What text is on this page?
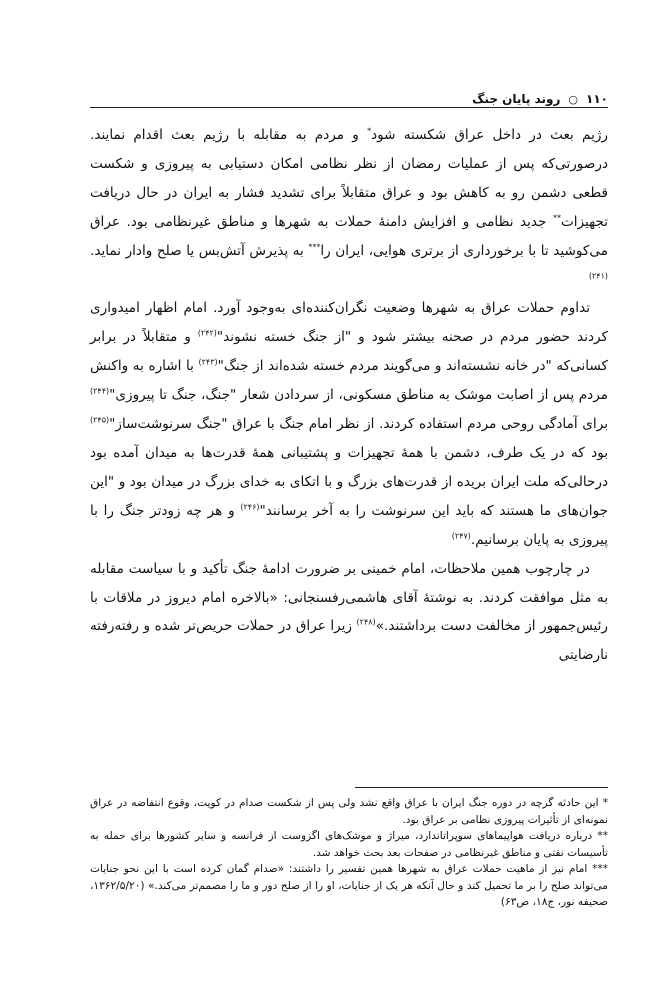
۱۱۰
○
روند پایان جنگ

رژیم بعث در داخل عراق شکسته شود* و مردم به مقابله با رژیم بعث اقدام نمایند. درصورتی‌که پس از عملیات رمضان از نظر نظامی امکان دستیابی به پیروزی و شکست قطعی دشمن رو به کاهش بود و عراق متقابلاً برای تشدید فشار به ایران در حال دریافت تجهیزات** جدید نظامی و افزایش دامنهٔ حملات به شهرها و مناطق غیرنظامی بود. عراق می‌کوشید تا با برخورداری از برتری هوایی، ایران را*** به پذیرش آتش‌بس یا صلح وادار نماید.$^{(۲۴۱)}$

تداوم حملات عراق به شهرها وضعیت نگران‌کننده‌ای به‌وجود آورد. امام اظهار امیدواری کردند حضور مردم در صحنه بیشتر شود و "از جنگ خسته نشوند"$^{(۲۴۲)}$ و متقابلاً در برابر کسانی‌که "در خانه نشسته‌اند و می‌گویند مردم خسته شده‌اند از جنگ"$^{(۲۴۳)}$ با اشاره به واکنش مردم پس از اصابت موشک به مناطق مسکونی، از سردادن شعار "جنگ، جنگ تا پیروزی"$^{(۲۴۴)}$ برای آمادگی روحی مردم استفاده کردند. از نظر امام جنگ با عراق "جنگ سرنوشت‌ساز"$^{(۲۴۵)}$ بود که در یک طرف، دشمن با همهٔ تجهیزات و پشتیبانی همهٔ قدرت‌ها به میدان آمده بود درحالی‌که ملت ایران بریده از قدرت‌های بزرگ و با اتکای به خدای بزرگ در میدان بود و "این جوان‌های ما هستند که باید این سرنوشت را به آخر برسانند"$^{(۲۴۶)}$ و هر چه زودتر جنگ را با پیروزی به پایان برسانیم.$^{(۲۴۷)}$

در چارچوب همین ملاحظات، امام خمینی بر ضرورت ادامهٔ جنگ تأکید و با سیاست مقابله به مثل موافقت کردند. به نوشتهٔ آقای هاشمی‌رفسنجانی: «بالاخره امام دیروز در ملاقات با رئیس‌جمهور از مخالفت دست برداشتند.»$^{(۲۴۸)}$ زیرا عراق در حملات حریص‌تر شده و رفته‌رفته نارضایتی

* این حادثه گرچه در دوره جنگ ایران با عراق واقع نشد ولی پس از شکست صدام در کویت، وقوع انتفاضه در عراق نمونه‌ای از تأثیرات پیروزی نظامی بر عراق بود.

** درباره دریافت هواپیماهای سوپراتاندارد، میراژ و موشک‌های اگزوست از فرانسه و سایر کشورها برای حمله به تأسیسات نفتی و مناطق غیرنظامی در صفحات بعد بحث خواهد شد.

*** امام نیز از ماهیت حملات عراق به شهرها همین تفسیر را داشتند: «صدام گمان کرده است با این نحو جنایات می‌تواند صلح را بر ما تحمیل کند و حال آنکه هر یک از جنایات، او را از صلح دور و ما را مصمم‌تر می‌کند.» (۱۳۶۲/۵/۲۰، صحیفه نور، ج۱۸، ص۶۳)
